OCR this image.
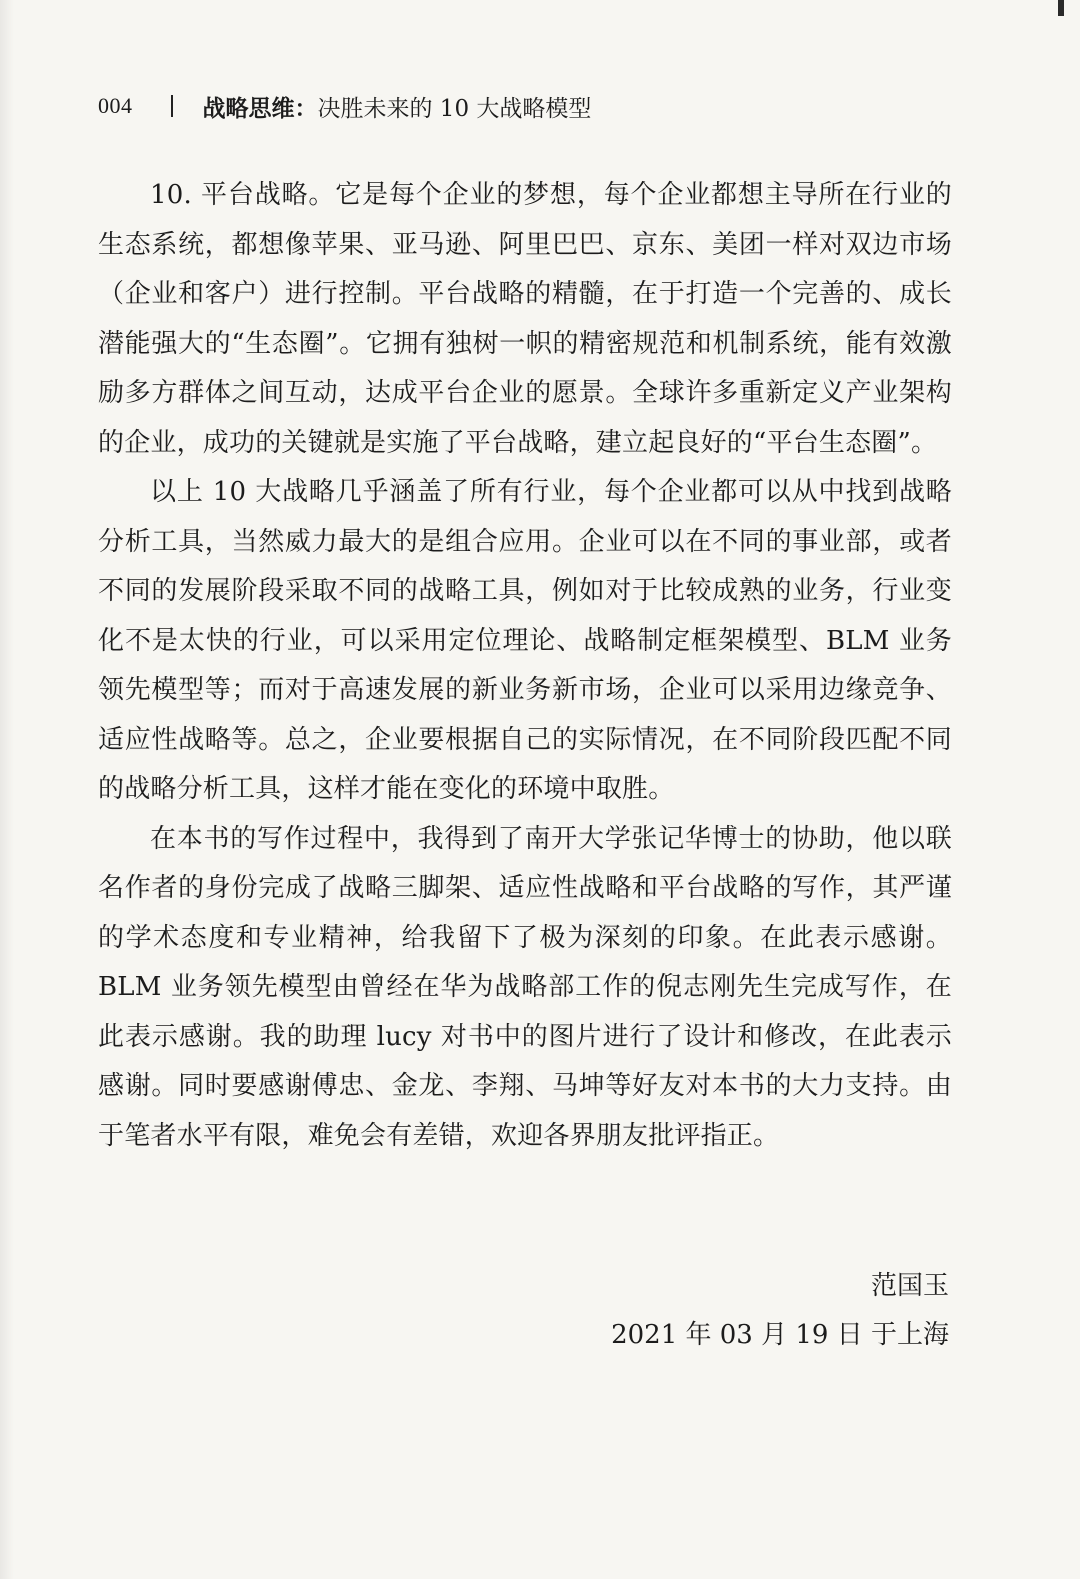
004	战略思维： 决胜未来的 10 大战略模型

10. 平台战略。它是每个企业的梦想，每个企业都想主导所在行业的生态系统，都想像苹果、亚马逊、阿里巴巴、京东、美团一样对双边市场（企业和客户）进行控制。平台战略的精髓，在于打造一个完善的、成长潜能强大的“生态圈”。它拥有独树一帜的精密规范和机制系统，能有效激励多方群体之间互动，达成平台企业的愿景。全球许多重新定义产业架构的企业，成功的关键就是实施了平台战略，建立起良好的“平台生态圈”。

以上 10 大战略几乎涵盖了所有行业，每个企业都可以从中找到战略分析工具，当然威力最大的是组合应用。企业可以在不同的事业部，或者不同的发展阶段采取不同的战略工具，例如对于比较成熟的业务，行业变化不是太快的行业，可以采用定位理论、战略制定框架模型、BLM 业务领先模型等；而对于高速发展的新业务新市场，企业可以采用边缘竞争、适应性战略等。总之，企业要根据自己的实际情况，在不同阶段匹配不同的战略分析工具，这样才能在变化的环境中取胜。

在本书的写作过程中，我得到了南开大学张记华博士的协助，他以联名作者的身份完成了战略三脚架、适应性战略和平台战略的写作，其严谨的学术态度和专业精神，给我留下了极为深刻的印象。在此表示感谢。BLM 业务领先模型由曾经在华为战略部工作的倪志刚先生完成写作，在此表示感谢。我的助理 lucy 对书中的图片进行了设计和修改，在此表示感谢。同时要感谢傅忠、金龙、李翔、马坤等好友对本书的大力支持。由于笔者水平有限，难免会有差错，欢迎各界朋友批评指正。

范国玉
2021 年 03 月 19 日 于上海
